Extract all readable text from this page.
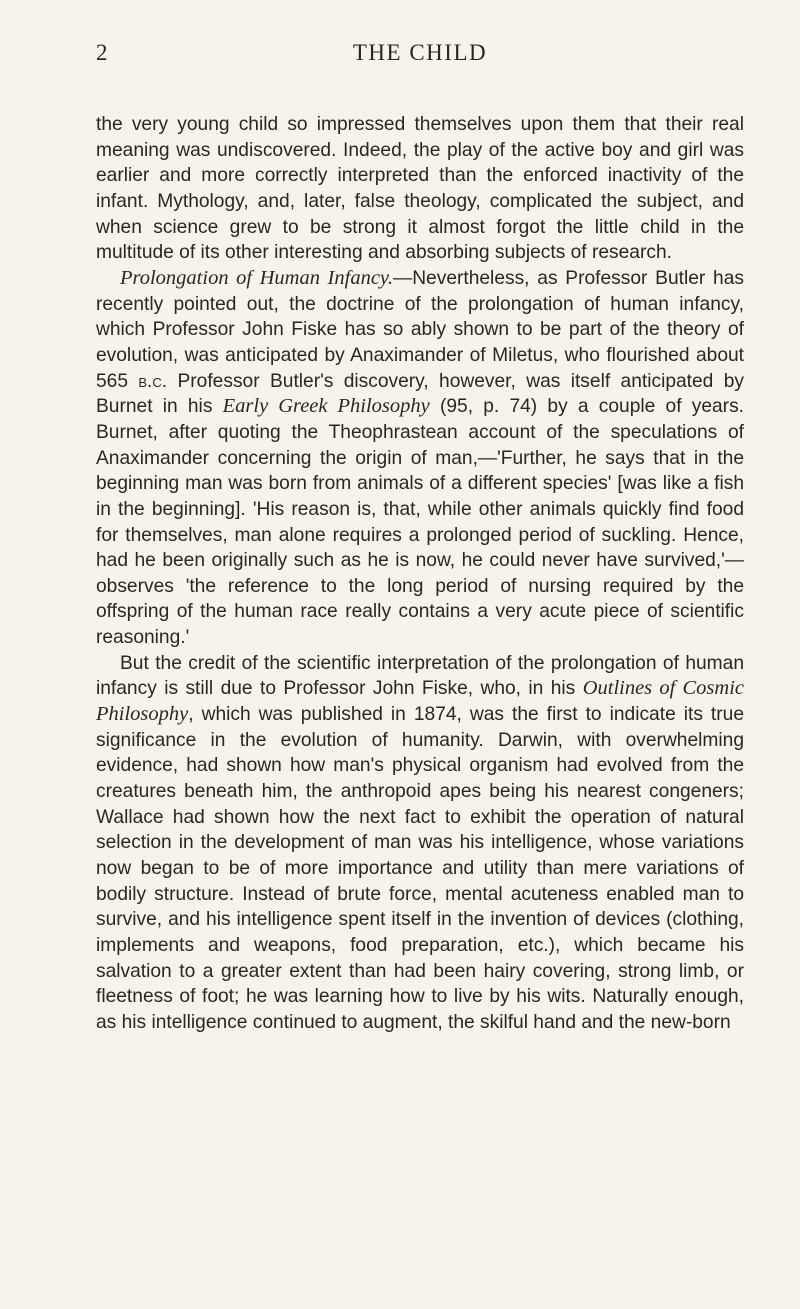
2	THE CHILD

the very young child so impressed themselves upon them that their real meaning was undiscovered. Indeed, the play of the active boy and girl was earlier and more correctly interpreted than the enforced inactivity of the infant. Mythology, and, later, false theology, complicated the subject, and when science grew to be strong it almost forgot the little child in the multitude of its other interesting and absorbing subjects of research.

Prolongation of Human Infancy.—Nevertheless, as Professor Butler has recently pointed out, the doctrine of the prolongation of human infancy, which Professor John Fiske has so ably shown to be part of the theory of evolution, was anticipated by Anaximander of Miletus, who flourished about 565 b.c. Professor Butler's discovery, however, was itself anticipated by Burnet in his Early Greek Philosophy (95, p. 74) by a couple of years. Burnet, after quoting the Theophrastean account of the speculations of Anaximander concerning the origin of man,—'Further, he says that in the beginning man was born from animals of a different species' [was like a fish in the beginning]. 'His reason is, that, while other animals quickly find food for themselves, man alone requires a prolonged period of suckling. Hence, had he been originally such as he is now, he could never have survived,'—observes 'the reference to the long period of nursing required by the offspring of the human race really contains a very acute piece of scientific reasoning.'

But the credit of the scientific interpretation of the prolongation of human infancy is still due to Professor John Fiske, who, in his Outlines of Cosmic Philosophy, which was published in 1874, was the first to indicate its true significance in the evolution of humanity. Darwin, with overwhelming evidence, had shown how man's physical organism had evolved from the creatures beneath him, the anthropoid apes being his nearest congeners; Wallace had shown how the next fact to exhibit the operation of natural selection in the development of man was his intelligence, whose variations now began to be of more importance and utility than mere variations of bodily structure. Instead of brute force, mental acuteness enabled man to survive, and his intelligence spent itself in the invention of devices (clothing, implements and weapons, food preparation, etc.), which became his salvation to a greater extent than had been hairy covering, strong limb, or fleetness of foot; he was learning how to live by his wits. Naturally enough, as his intelligence continued to augment, the skilful hand and the new-born
